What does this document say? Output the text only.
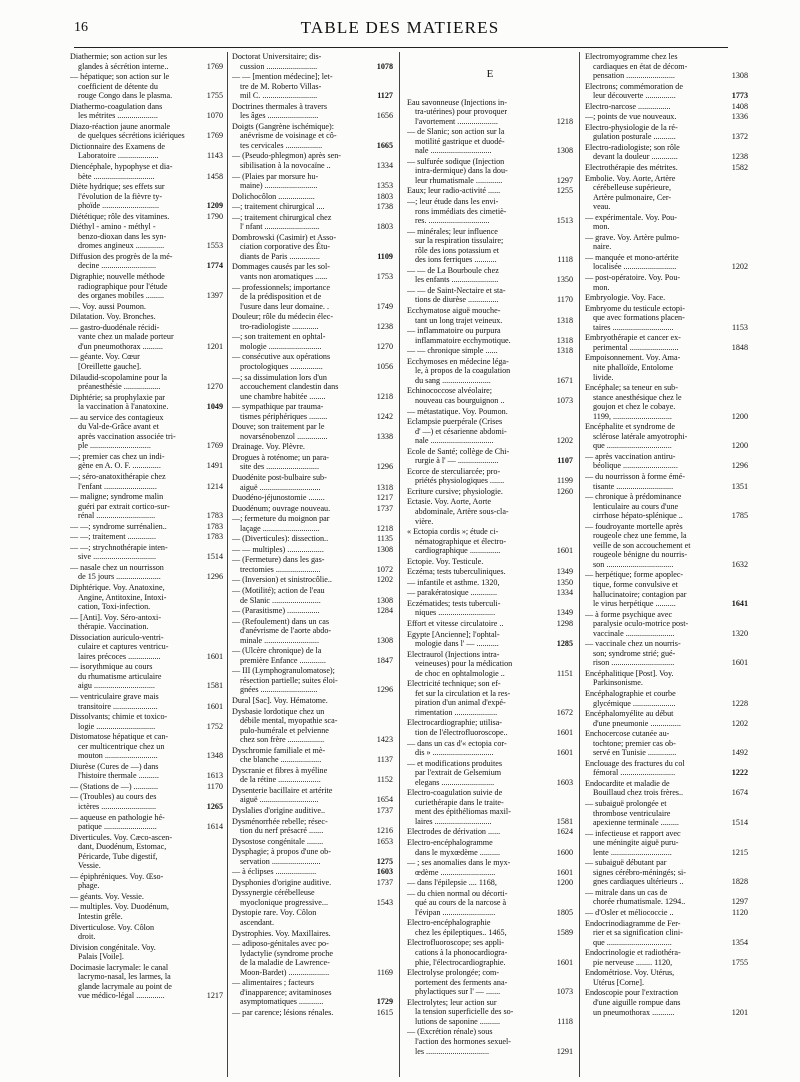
16	TABLE DES MATIERES
Diathermie; son action sur les
glandes à sécrétion interne..	1769
— hépatique; son action sur le
coefficient de détente du
rouge Congo dans le plasma.	1755
Diathermo-coagulation dans
les métrites ....................	1070
Diazo-réaction jaune anormale
de quelques sécrétions iciériques	1769
Dictionnaire des Examens de
Laboratoire ....................	1143
Diencéphale, hypophyse et dia-
bète ..............................	1458
Diète hydrique; ses effets sur
l'évolution de la fièvre ty-
phoïde ............................	1209
Diététique; rôle des vitamines.	1790
Diéthyl - amino - méthyl -
benzo-dioxan dans les syn-
dromes angineux ..............	1553
Diffusion des progrès de la mé-
decine ...........................	1774
Digraphie; nouvelle méthode
radiographique pour l'étude
des organes mobiles .........	1397
—. Voy. aussi Poumon.
Dilatation. Voy. Bronches.
— gastro-duodénale récidi-
vante chez un malade porteur
d'un pneumothorax ..........	1201
— géante. Voy. Cœur
[Oreillette gauche].
Dilaudid-scopolamine pour la
préanesthésie ..................	1270
Diphtérie; sa prophylaxie par
la vaccination à l'anatoxine.	1049
— au service des contagieux
du Val-de-Grâce avant et
après vaccination associée tri-
ple ..............................	1769
—; premier cas chez un indi-
gène en A. O. F. ..............	1491
—; séro-anatoxithérapie chez
l'enfant ..........................	1214
— maligne; syndrome malin
guéri par extrait cortico-sur-
rénal .............................	1783
— —; syndrome surrénalien..	1783
— —; traitement ..............	1783
— —; strychnothérapie inten-
sive ...............................	1514
— nasale chez un nourrisson
de 15 jours ......................	1296
Diphtérique. Voy. Anatoxine,
Angine, Antitoxine, Intoxi-
cation, Toxi-infection.
— [Anti]. Voy. Séro-antoxi-
thérapie. Vaccination.
Dissociation auriculo-ventri-
culaire et captures ventricu-
laires précoces ................	1601
— isorythmique au cours
du rhumatisme articulaire
aigu ..............................	1581
— ventriculaire grave mais
transitoire ......................	1601
Dissolvants; chimie et toxico-
logie .............................	1752
Distomatose hépatique et can-
cer multicentrique chez un
mouton ..........................	1348
Diurèse (Cures de —) dans
l'histoire thermale ..........	1613
— (Stations de —) ............	1170
— (Troubles) au cours des
ictères ...........................	1265
— aqueuse en pathologie hé-
patique ..........................	1614
Diverticules. Voy. Cæco-ascen-
dant, Duodénum, Estomac,
Péricarde, Tube digestif,
Vessie.
— épiphréniques. Voy. Œso-
phage.
— géants. Voy. Vessie.
— multiples. Voy. Duodénum,
Intestin grêle.
Diverticulose. Voy. Côlon
droit.
Division congénitale. Voy.
Palais [Voile].
Docimasie lacrymale: le canal
lacrymo-nasal, les larmes, la
glande lacrymale au point de
vue médico-légal ..............	1217
Doctorat Universitaire; dis-
cussion .........................	1078
— — [mention médecine]; let-
tre de M. Roberto Villas-
mil C. ...........................	1127
Doctrines thermales à travers
les âges .........................	1656
Doigts (Gangrène ischémique):
anévrisme de voisinage et cô-
tes cervicales ..................	1665
— (Pseudo-phlegmon) après sen-
sibilisation à la novocaïne ..	1334
— (Plaies par morsure hu-
maine) ..........................	1353
Dolichocôlon ..................	1803
—; traitement chirurgical ....	1738
—; traitement chirurgical chez
l' nfant ...........................	1803
Dombrowski (Casimir) et Asso-
ciation corporative des Étu-
diants de Paris ...............	1109
Dommages causés par les sol-
vants non aromatiques ......	1753
— professionnels; importance
de la prédisposition et de
l'usure dans leur domaine. .	1749
Douleur; rôle du médecin élec-
tro-radiologiste .............	1238
—; son traitement en ophtal-
mologie ..........................	1270
— consécutive aux opérations
proctologiques ................	1056
—; sa dissimulation lors d'un
accouchement clandestin dans
une chambre habitée ........	1218
— sympathique par trauma-
tismes périphériques .........	1242
Douve; son traitement par le
novarsénobenzol ...............	1338
Drainage. Voy. Plèvre.
Drogues à roténome; un para-
site des ..........................	1296
Duodénite post-bulbaire sub-
aiguë ..............................	1318
Duodéno-jéjunostomie ........	1217
Duodénum; ouvrage nouveau.	1737
—; fermeture du moignon par
laçage ............................	1218
— (Diverticules): dissection..	1135
— — multiples) ..................	1308
— (Fermeture) dans les gas-
trectomies ......................	1072
— (Inversion) et sinistrocôlie..	1202
— (Motilité); action de l'eau
de Slanic ........................	1308
— (Parasitisme) ................	1284
— (Refoulement) dans un cas
d'anévrisme de l'aorte abdo-
minale ...........................	1308
— (Ulcère chronique) de la
première Enfance .............	1847
— III (Lymphogranulomatose);
résection partielle; suites éloi-
gnées ............................	1296
Dural [Sac]. Voy. Hématome.
Dysbasie lordotique chez un
débile mental, myopathie sca-
pulo-humérale et pelvienne
chez son frère ..................	1423
Dyschromie familiale et mè-
che blanche ....................	1137
Dyscranie et fibres à myéline
de la rétine .....................	1152
Dysenterie bacillaire et artérite
aiguë .............................	1654
Dyslalies d'origine auditive..	1737
Dysménorrhée rebelle; résec-
tion du nerf présacré .......	1216
Dysostose congénitale ........	1653
Dysphagie; à propos d'une ob-
servation ........................	1275
— à éclipses ....................	1603
Dysphonies d'origine auditive.	1737
Dyssynergie cérébelleuse
myoclonique progressive...	1543
Dystopie rare. Voy. Côlon
ascendant.
Dystrophies. Voy. Maxillaires.
— adiposo-génitales avec po-
lydactylie (syndrome proche
de la maladie de Lawrence-
Moon-Bardet) ....................	1169
— alimentaires ; facteurs
d'inapparence; avitaminoses
asymptomatiques ............	1729
— par carence; lésions rénales.	1615
E
Eau savonneuse (Injections in-
tra-utérines) pour provoquer
l'avortement ....................	1218
— de Slanic; son action sur la
motilité gastrique et duodé-
nale ..............................	1308
— sulfurée sodique (Injection
intra-dermique) dans la dou-
leur rhumatismale .............	1297
Eaux; leur radio-activité ......	1255
—; leur étude dans les envi-
rons immédiats des cimetiè-
res. ..............................	1513
— minérales; leur influence
sur la respiration tissulaire;
rôle des ions potassium et
des ions ferriques ...........	1118
— — de La Bourboule chez
les enfants .......................	1350
— — de Saint-Nectaire et sta-
tions de diurèse ...............	1170
Ecchymatose aiguë mouche-
tant un long trajet veineux.	1318
— inflammatoire ou purpura
inflammatoire ecchymotique.	1318
— — chronique simple ......	1318
Ecchymoses en médecine léga-
le, à propos de la coagulation
du sang ........................	1671
Echinococcose alvéolaire;
nouveau cas bourguignon ..	1073
— métastatique. Voy. Poumon.
Eclampsie puerpérale (Crises
d' —) et césarienne abdomi-
nale ...............................	1202
Ecole de Santé; collège de Chi-
rurgie à l' — ....................	1107
Ecorce de sterculiarcée; pro-
priétés physiologiques .......	1199
Ecriture cursive; physiologie.	1260
Ectasie. Voy. Aorte, Aorte
abdominale, Artère sous-cla-
vière.
« Ectopia cordis »; étude ci-
nématographique et électro-
cardiographique ...............	1601
Ectopie. Voy. Testicule.
Eczéma; tests tuberculiniques.	1349
— infantile et asthme. 1320,	1350
— parakératosique .............	1334
Eczématides; tests tuberculi-
niques ............................	1349
Effort et vitesse circulatoire ..	1298
Egypte [Ancienne]; l'ophtal-
mologie dans l' — ...........	1285
Electraurol (Injections intra-
veineuses) pour la médication
de choc en ophtalmologie ..	1151
Electricité technique; son ef-
fet sur la circulation et la res-
piration d'un animal d'expé-
rimentation .....................	1672
Electrocardiographie; utilisa-
tion de l'électrofluoroscope..	1601
— dans un cas d'« ectopia cor-
dis » ..............................	1601
— et modifications produites
par l'extrait de Gelsemium
elegans ..........................	1603
Electro-coagulation suivie de
curiethérapie dans le traite-
ment des épithéliomas maxil-
laires ............................	1581
Electrodes de dérivation ......	1624
Electro-encéphalogramme
dans le myxœdème ..........	1600
— ; ses anomalies dans le myx-
œdème ...........................	1601
— dans l'épilepsie .... 1168,	1200
— du chien normal ou décorti-
qué au cours de la narcose à
l'évipan ..........................	1805
Electro-encéphalographie
chez les épileptiques.. 1465,	1589
Electrofluoroscope; ses appli-
cations à la phonocardiogra-
phie, l'électrocardiographie.	1601
Electrolyse prolongée; com-
portement des ferments ana-
phylactiques sur l' — .......	1073
Electrolytes; leur action sur
la tension superficielle des so-
lutions de saponine ..........	1118
— (Excrétion rénale) sous
l'action des hormones sexuel-
les ...............................	1291
Electromyogramme chez les
cardiaques en état de décom-
pensation ........................	1308
Electrons; commémoration de
leur découverte ...............	1773
Electro-narcose ................	1408
—; points de vue nouveaux.	1336
Electro-physiologie de la ré-
gulation posturale ...........	1372
Electro-radiologiste; son rôle
devant la douleur .............	1238
Electrothérapie des métrites.	1582
Embolie. Voy. Aorte, Artère
cérébelleuse supérieure,
Artère pulmonaire, Cer-
veau.
— expérimentale. Voy. Pou-
mon.
— grave. Voy. Artère pulmo-
naire.
— manquée et mono-artérite
localisée ..........................	1202
— post-opératoire. Voy. Pou-
mon.
Embryologie. Voy. Face.
Embryome du testicule ectopi-
que avec formations placen-
taires ..............................	1153
Embryothérapie et cancer ex-
perimental ........................	1848
Empoisonnement. Voy. Ama-
nite phalloïde, Entolome
livide.
Encéphale; sa teneur en sub-
stance anesthésique chez le
goujon et chez le cobaye.
1199, .............................	1200
Encéphalite et syndrome de
sclérose latérale amyotrophi-
que ................................	1200
— après vaccination antiru-
béolique ...........................	1296
— du nourrisson à forme émé-
tisante ............................	1351
— chronique à prédominance
lenticulaire au cours d'une
cirrhose hépato-splénique ..	1785
— foudroyante mortelle après
rougeole chez une femme, la
veille de son accouchement et
rougeole bénigne du nourris-
son .................................	1632
— herpétique; forme apoplec-
tique, forme convulsive et
hallucinatoire; contagion par
le virus herpétique ..........	1641
— à forme psychique avec
paralysie oculo-motrice post-
vaccinale ........................	1320
— vaccinale chez un nourris-
son; syndrome strié; gué-
rison ...............................	1601
Encéphalitique [Post]. Voy.
Parkinsonisme.
Encéphalographie et courbe
glycémique .....................	1228
Encéphalomyélite au début
d'une pneumonie ...............	1202
Enchocercose cutanée au-
tochtone; premier cas ob-
servé en Tunisie ..............	1492
Enclouage des fractures du col
fémoral ...........................	1222
Endocardite et maladie de
Bouillaud chez trois frères..	1674
— subaiguë prolongée et
thrombose ventriculaire
apexienne terminale .........	1514
— infectieuse et rapport avec
une méningite aiguë puru-
lente ..............................	1215
— subaiguë débutant par
signes cérébro-méningés; si-
gnes cardiaques ultérieurs ..	1828
— mitrale dans un cas de
chorée rhumatismale. 1294..	1297
— d'Osler et méliococcie ..	1120
Endocrinodiagramme de Fer-
rier et sa signification clini-
que ................................	1354
Endocrinologie et radiothéra-
pie nerveuse ........ 1120,	1755
Endométriose. Voy. Utérus,
Utérus [Corne].
Endoscopie pour l'extraction
d'une aiguille rompue dans
un pneumothorax ...........	1201
